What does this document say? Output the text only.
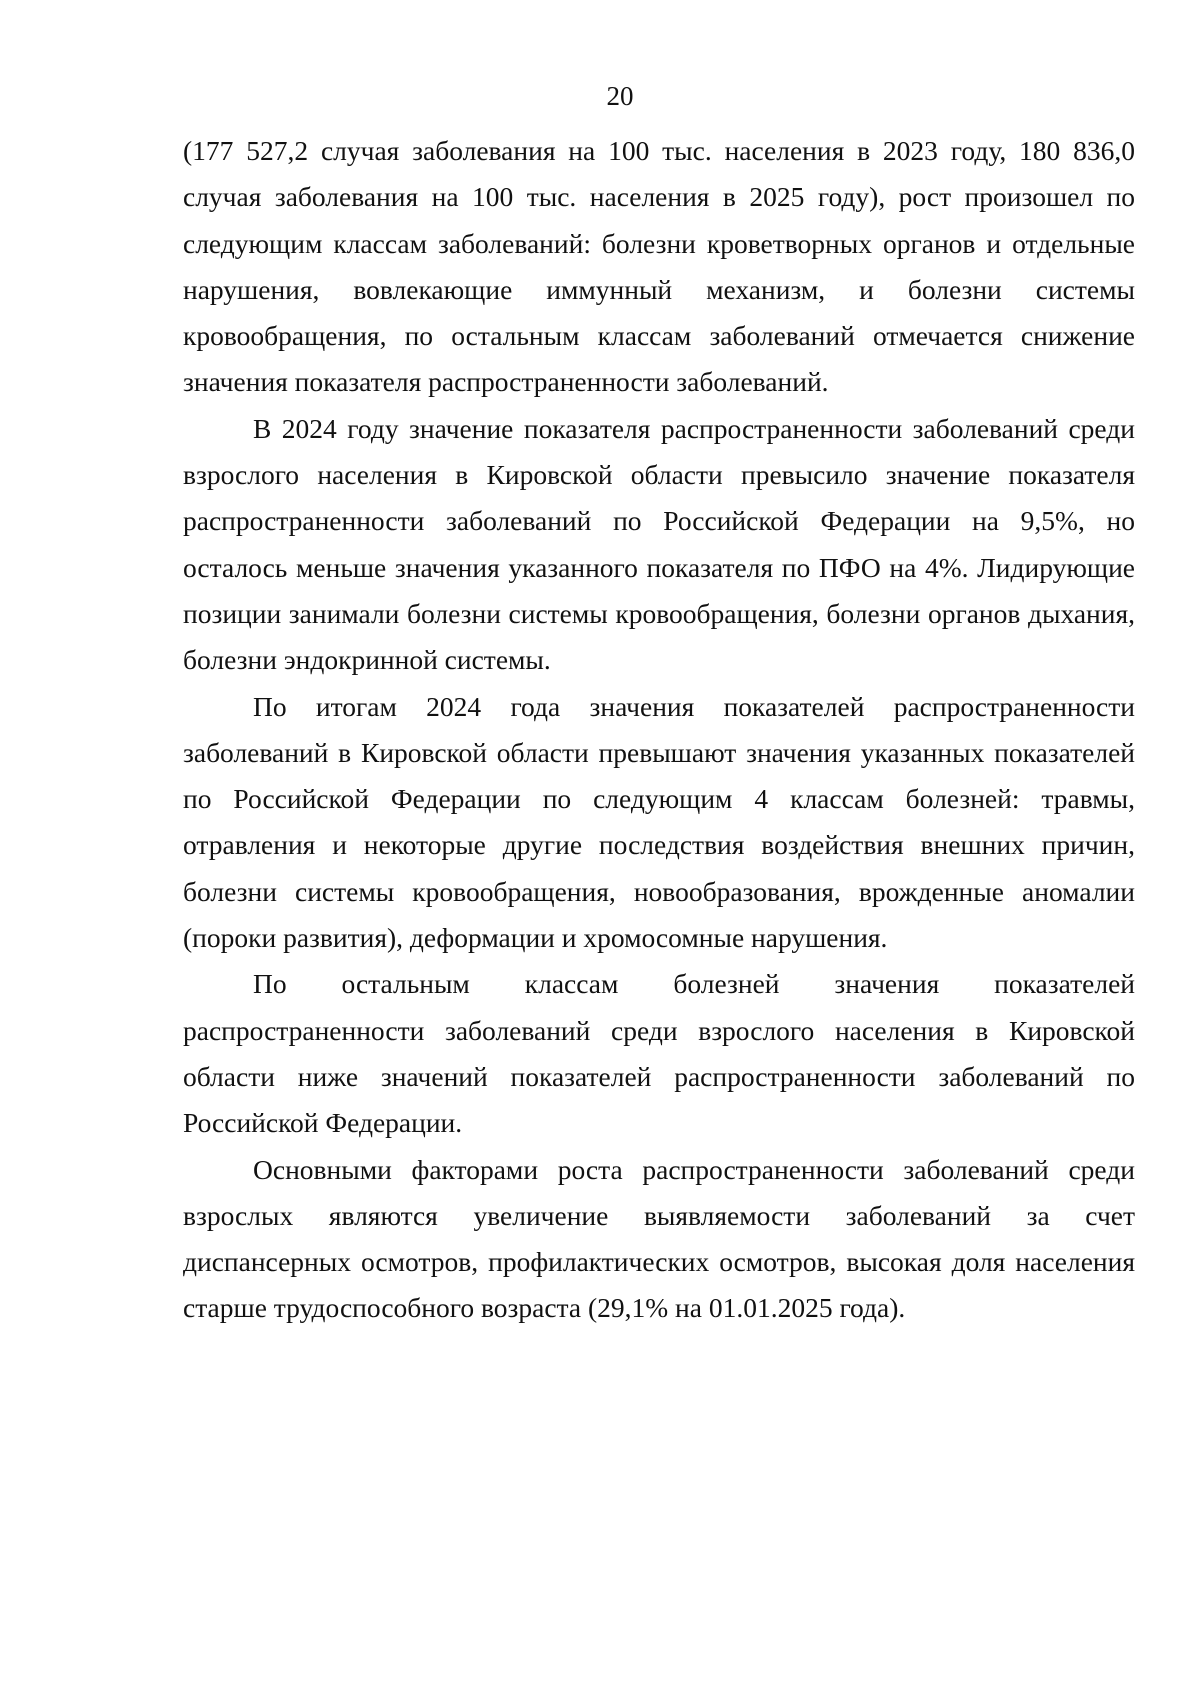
20

(177 527,2 случая заболевания на 100 тыс. населения в 2023 году, 180 836,0 случая заболевания на 100 тыс. населения в 2025 году), рост произошел по следующим классам заболеваний: болезни кроветворных органов и отдельные нарушения, вовлекающие иммунный механизм, и болезни системы кровообращения, по остальным классам заболеваний отмечается снижение значения показателя распространенности заболеваний.

В 2024 году значение показателя распространенности заболеваний среди взрослого населения в Кировской области превысило значение показателя распространенности заболеваний по Российской Федерации на 9,5%, но осталось меньше значения указанного показателя по ПФО на 4%. Лидирующие позиции занимали болезни системы кровообращения, болезни органов дыхания, болезни эндокринной системы.

По итогам 2024 года значения показателей распространенности заболеваний в Кировской области превышают значения указанных показателей по Российской Федерации по следующим 4 классам болезней: травмы, отравления и некоторые другие последствия воздействия внешних причин, болезни системы кровообращения, новообразования, врожденные аномалии (пороки развития), деформации и хромосомные нарушения.

По остальным классам болезней значения показателей распространенности заболеваний среди взрослого населения в Кировской области ниже значений показателей распространенности заболеваний по Российской Федерации.

Основными факторами роста распространенности заболеваний среди взрослых являются увеличение выявляемости заболеваний за счет диспансерных осмотров, профилактических осмотров, высокая доля населения старше трудоспособного возраста (29,1% на 01.01.2025 года).
